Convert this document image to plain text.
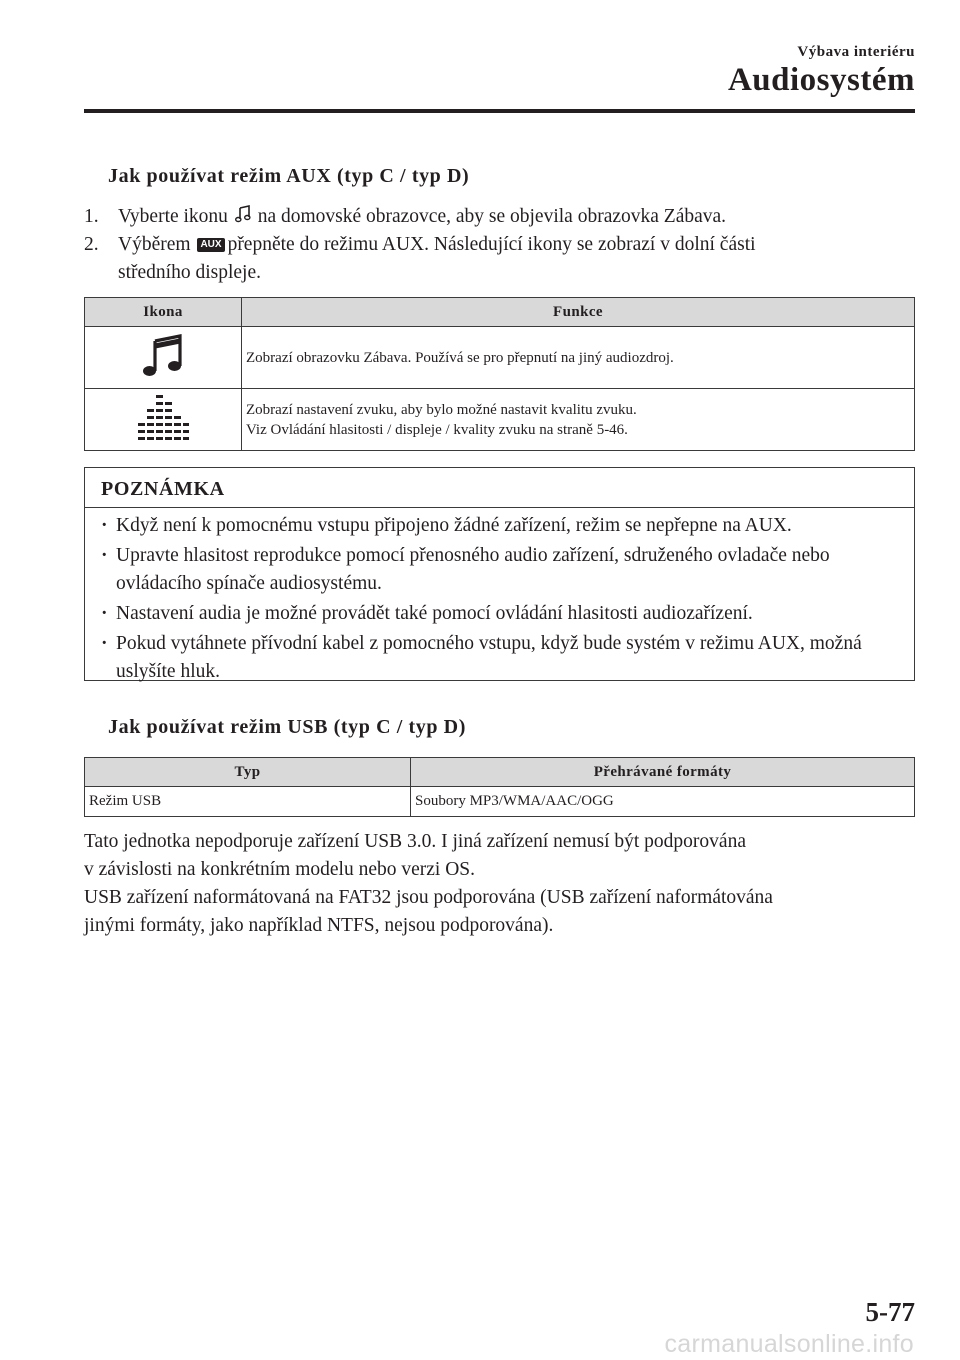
Výbava interiéru
Audiosystém
Jak používat režim AUX (typ C / typ D)
1. Vyberte ikonu na domovské obrazovce, aby se objevila obrazovka Zábava.
2. Výběrem AUX přepněte do režimu AUX. Následující ikony se zobrazí v dolní části
středního displeje.
Ikona	Funkce

Zobrazí obrazovku Zábava. Používá se pro přepnutí na jiný audiozdroj.

Zobrazí nastavení zvuku, aby bylo možné nastavit kvalitu zvuku.
Viz Ovládání hlasitosti / displeje / kvality zvuku na straně 5-46.
POZNÁMKA
· Když není k pomocnému vstupu připojeno žádné zařízení, režim se nepřepne na AUX.
· Upravte hlasitost reprodukce pomocí přenosného audio zařízení, sdruženého ovladače nebo ovládacího spínače audiosystému.
· Nastavení audia je možné provádět také pomocí ovládání hlasitosti audiozařízení.
· Pokud vytáhnete přívodní kabel z pomocného vstupu, když bude systém v režimu AUX, možná uslyšíte hluk.
Jak používat režim USB (typ C / typ D)
Typ	Přehrávané formáty
Režim USB	Soubory MP3/WMA/AAC/OGG
Tato jednotka nepodporuje zařízení USB 3.0. I jiná zařízení nemusí být podporována
v závislosti na konkrétním modelu nebo verzi OS.
USB zařízení naformátovaná na FAT32 jsou podporována (USB zařízení naformátována
jinými formáty, jako například NTFS, nejsou podporována).
5-77
carmanualsonline.info
